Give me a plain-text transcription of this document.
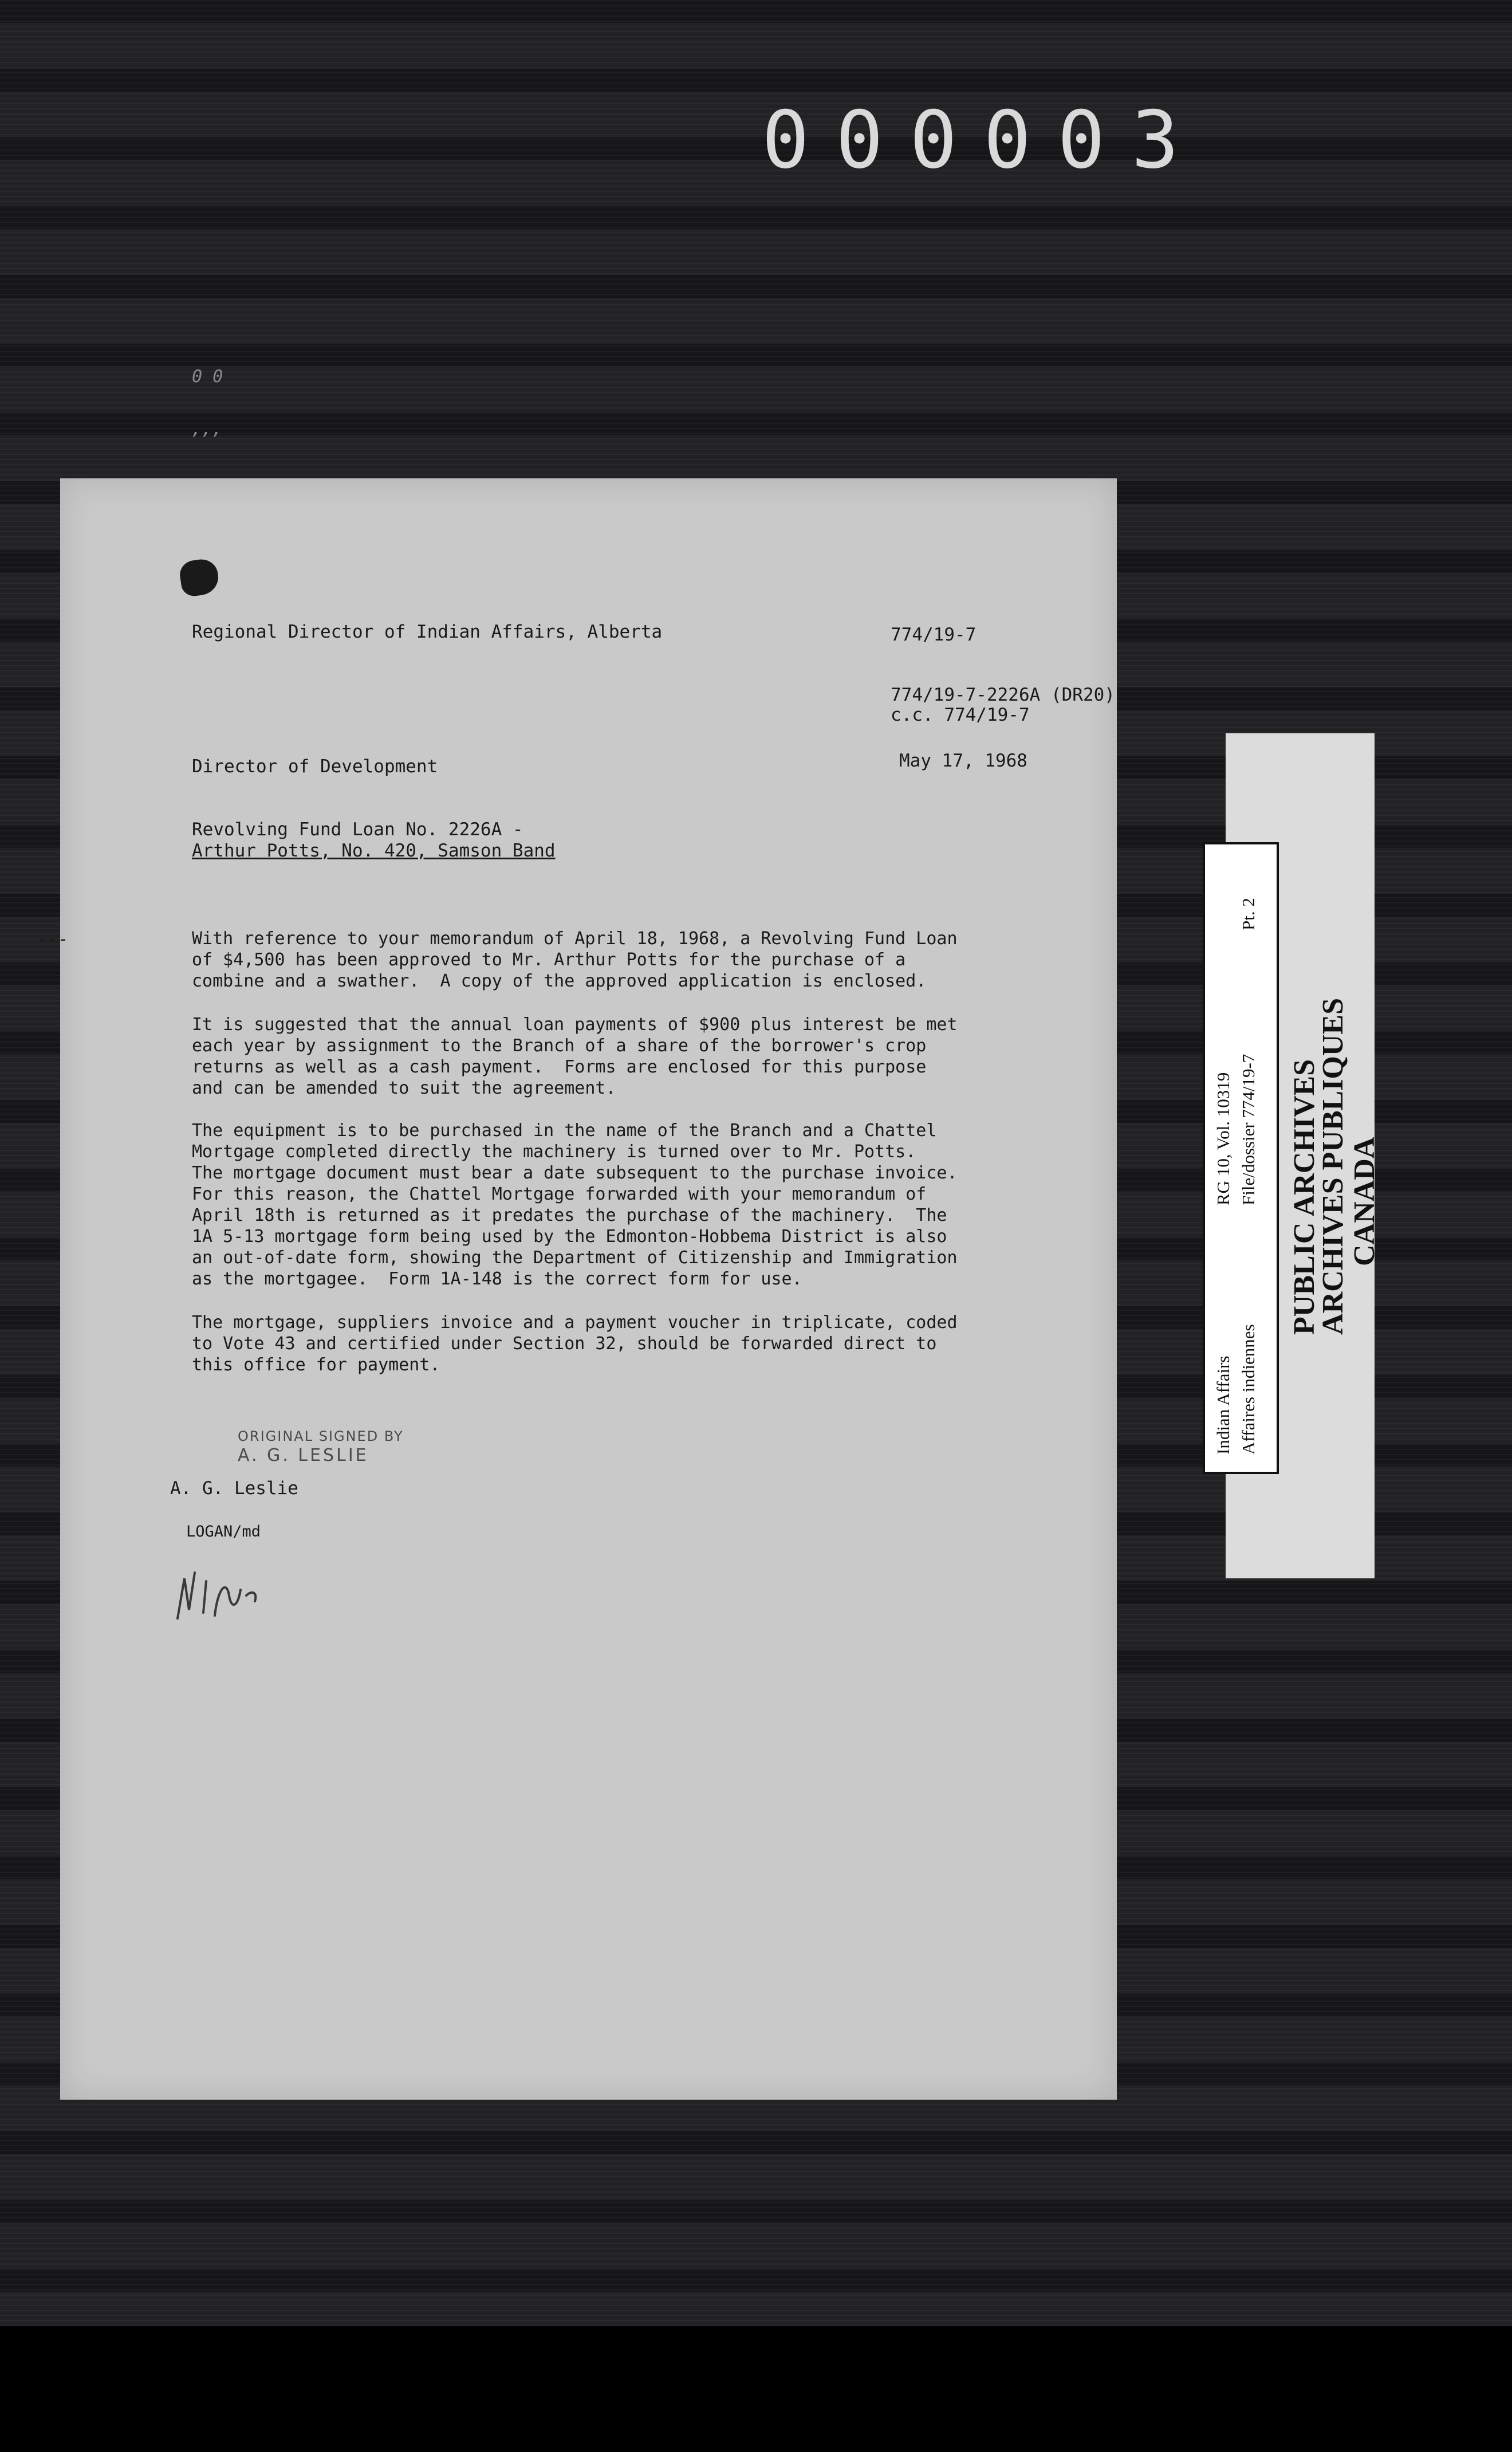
000003
0 0
’’’
---
Regional Director of Indian Affairs, Alberta	774/19-7
774/19-7-2226A (DR20)
c.c. 774/19-7
Director of Development	May 17, 1968
Revolving Fund Loan No. 2226A -
Arthur Potts, No. 420, Samson Band
With reference to your memorandum of April 18, 1968, a Revolving Fund Loan
of $4,500 has been approved to Mr. Arthur Potts for the purchase of a
combine and a swather.  A copy of the approved application is enclosed.
It is suggested that the annual loan payments of $900 plus interest be met
each year by assignment to the Branch of a share of the borrower's crop
returns as well as a cash payment.  Forms are enclosed for this purpose
and can be amended to suit the agreement.
The equipment is to be purchased in the name of the Branch and a Chattel
Mortgage completed directly the machinery is turned over to Mr. Potts.
The mortgage document must bear a date subsequent to the purchase invoice.
For this reason, the Chattel Mortgage forwarded with your memorandum of
April 18th is returned as it predates the purchase of the machinery.  The
1A 5-13 mortgage form being used by the Edmonton-Hobbema District is also
an out-of-date form, showing the Department of Citizenship and Immigration
as the mortgagee.  Form 1A-148 is the correct form for use.
The mortgage, suppliers invoice and a payment voucher in triplicate, coded
to Vote 43 and certified under Section 32, should be forwarded direct to
this office for payment.
ORIGINAL SIGNED BY
A. G. LESLIE
A. G. Leslie
LOGAN/md
PUBLIC ARCHIVES
ARCHIVES PUBLIQUES
CANADA
Indian Affairs Affaires indiennes
RG 10, Vol. 10319 File/dossier 774/19-7
Pt. 2
